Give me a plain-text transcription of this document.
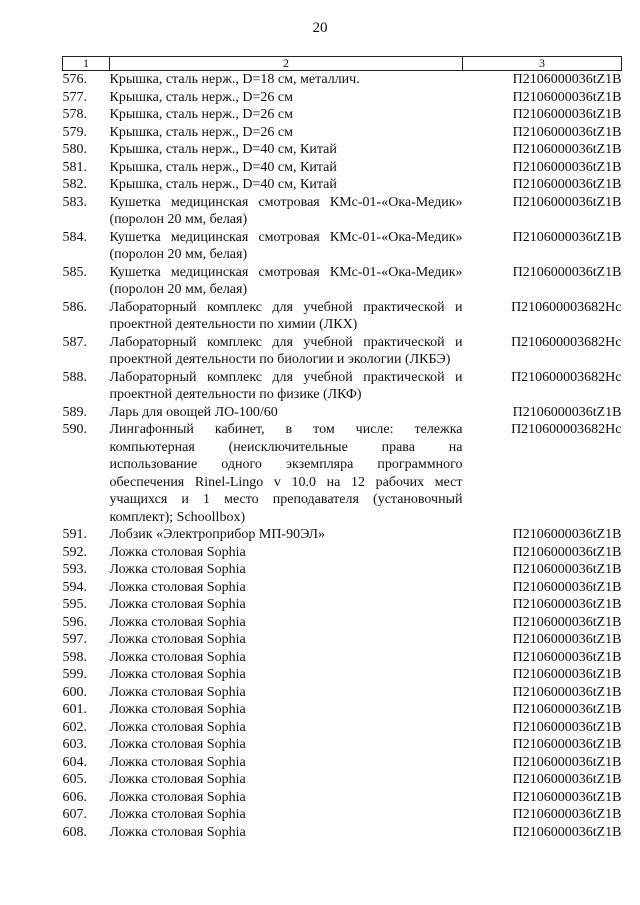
20
1	2	3
576.	Крышка, сталь нерж., D=18 см, металлич.	П2106000036tZ1B
577.	Крышка, сталь нерж., D=26 см	П2106000036tZ1B
578.	Крышка, сталь нерж., D=26 см	П2106000036tZ1B
579.	Крышка, сталь нерж., D=26 см	П2106000036tZ1B
580.	Крышка, сталь нерж., D=40 см, Китай	П2106000036tZ1B
581.	Крышка, сталь нерж., D=40 см, Китай	П2106000036tZ1B
582.	Крышка, сталь нерж., D=40 см, Китай	П2106000036tZ1B
583.	Кушетка медицинская смотровая КМс-01-«Ока-Медик» (поролон 20 мм, белая)	П2106000036tZ1B
584.	Кушетка медицинская смотровая КМс-01-«Ока-Медик» (поролон 20 мм, белая)	П2106000036tZ1B
585.	Кушетка медицинская смотровая КМс-01-«Ока-Медик» (поролон 20 мм, белая)	П2106000036tZ1B
586.	Лабораторный комплекс для учебной практической и проектной деятельности по химии (ЛКХ)	П210600003682Нс
587.	Лабораторный комплекс для учебной практической и проектной деятельности по биологии и экологии (ЛКБЭ)	П210600003682Нс
588.	Лабораторный комплекс для учебной практической и проектной деятельности по физике (ЛКФ)	П210600003682Нс
589.	Ларь для овощей ЛО-100/60	П2106000036tZ1B
590.	Лингафонный кабинет, в том числе: тележка компьютерная (неисключительные права на использование одного экземпляра программного обеспечения Rinel-Lingo v 10.0 на 12 рабочих мест учащихся и 1 место преподавателя (установочный комплект); Schoollbox)	П210600003682Нс
591.	Лобзик «Электроприбор МП-90ЭЛ»	П2106000036tZ1B
592.	Ложка столовая Sophia	П2106000036tZ1B
593.	Ложка столовая Sophia	П2106000036tZ1B
594.	Ложка столовая Sophia	П2106000036tZ1B
595.	Ложка столовая Sophia	П2106000036tZ1B
596.	Ложка столовая Sophia	П2106000036tZ1B
597.	Ложка столовая Sophia	П2106000036tZ1B
598.	Ложка столовая Sophia	П2106000036tZ1B
599.	Ложка столовая Sophia	П2106000036tZ1B
600.	Ложка столовая Sophia	П2106000036tZ1B
601.	Ложка столовая Sophia	П2106000036tZ1B
602.	Ложка столовая Sophia	П2106000036tZ1B
603.	Ложка столовая Sophia	П2106000036tZ1B
604.	Ложка столовая Sophia	П2106000036tZ1B
605.	Ложка столовая Sophia	П2106000036tZ1B
606.	Ложка столовая Sophia	П2106000036tZ1B
607.	Ложка столовая Sophia	П2106000036tZ1B
608.	Ложка столовая Sophia	П2106000036tZ1B
